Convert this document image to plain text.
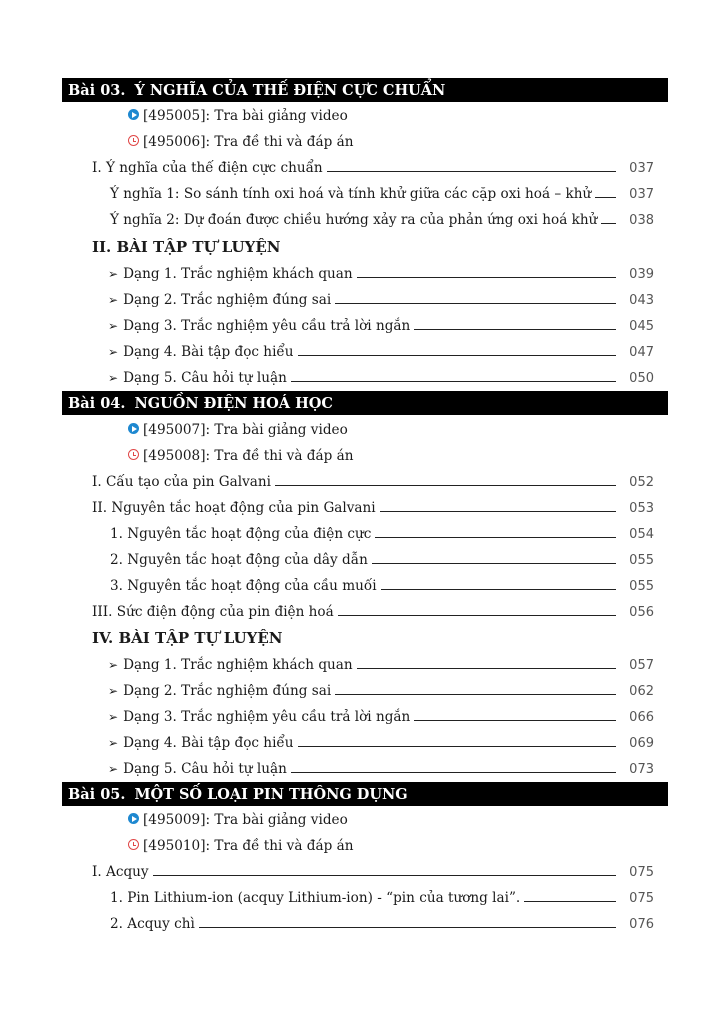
Bài 03. Ý NGHĨA CỦA THẾ ĐIỆN CỰC CHUẨN
[495005]: Tra bài giảng video
[495006]: Tra đề thi và đáp án
I. Ý nghĩa của thế điện cực chuẩn	037
Ý nghĩa 1: So sánh tính oxi hoá và tính khử giữa các cặp oxi hoá – khử	037
Ý nghĩa 2: Dự đoán được chiều hướng xảy ra của phản ứng oxi hoá khử	038
II. BÀI TẬP TỰ LUYỆN
➢ Dạng 1. Trắc nghiệm khách quan	039
➢ Dạng 2. Trắc nghiệm đúng sai	043
➢ Dạng 3. Trắc nghiệm yêu cầu trả lời ngắn	045
➢ Dạng 4. Bài tập đọc hiểu	047
➢ Dạng 5. Câu hỏi tự luận	050
Bài 04. NGUỒN ĐIỆN HOÁ HỌC
[495007]: Tra bài giảng video
[495008]: Tra đề thi và đáp án
I. Cấu tạo của pin Galvani	052
II. Nguyên tắc hoạt động của pin Galvani	053
1. Nguyên tắc hoạt động của điện cực	054
2. Nguyên tắc hoạt động của dây dẫn	055
3. Nguyên tắc hoạt động của cầu muối	055
III. Sức điện động của pin điện hoá	056
IV. BÀI TẬP TỰ LUYỆN
➢ Dạng 1. Trắc nghiệm khách quan	057
➢ Dạng 2. Trắc nghiệm đúng sai	062
➢ Dạng 3. Trắc nghiệm yêu cầu trả lời ngắn	066
➢ Dạng 4. Bài tập đọc hiểu	069
➢ Dạng 5. Câu hỏi tự luận	073
Bài 05. MỘT SỐ LOẠI PIN THÔNG DỤNG
[495009]: Tra bài giảng video
[495010]: Tra đề thi và đáp án
I. Acquy	075
1. Pin Lithium-ion (acquy Lithium-ion) - “pin của tương lai”.	075
2. Acquy chì	076
